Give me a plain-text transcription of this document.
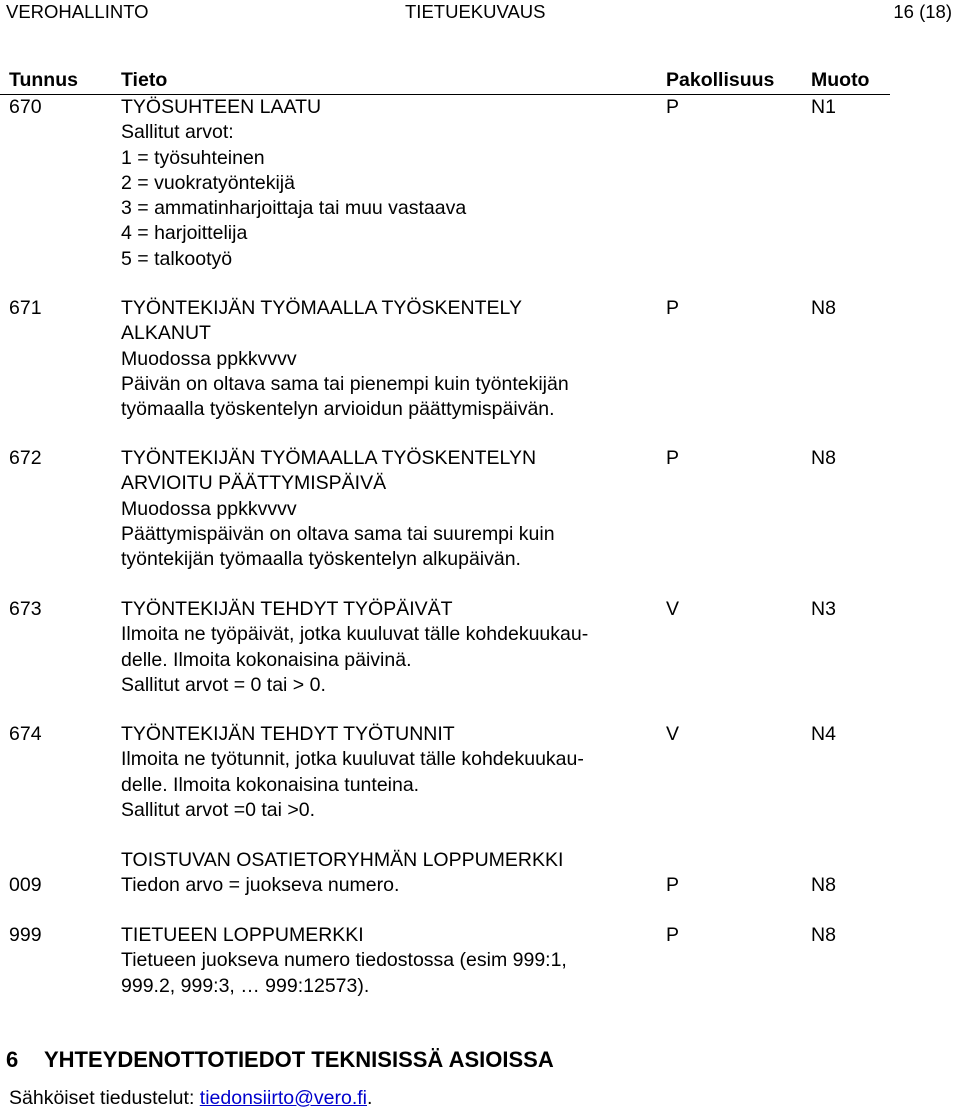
VEROHALLINTO	TIETUEKUVAUS	16 (18)
Tunnus Tieto	Pakollisuus Muoto
670	TYÖSUHTEEN LAATU
Sallitut arvot:
1 = työsuhteinen
2 = vuokratyöntekijä
3 = ammatinharjoittaja tai muu vastaava
4 = harjoittelija
5 = talkootyö
P	N1
671	TYÖNTEKIJÄN TYÖMAALLA TYÖSKENTELY
ALKANUT
Muodossa ppkkvvvv
Päivän on oltava sama tai pienempi kuin työntekijän
työmaalla työskentelyn arvioidun päättymispäivän.
P	N8
672	TYÖNTEKIJÄN TYÖMAALLA TYÖSKENTELYN
ARVIOITU PÄÄTTYMISPÄIVÄ
Muodossa ppkkvvvv
Päättymispäivän on oltava sama tai suurempi kuin
työntekijän työmaalla työskentelyn alkupäivän.
P	N8
673	TYÖNTEKIJÄN TEHDYT TYÖPÄIVÄT
Ilmoita ne työpäivät, jotka kuuluvat tälle kohdekuukau-
delle. Ilmoita kokonaisina päivinä.
Sallitut arvot = 0 tai > 0.
V	N3
674	TYÖNTEKIJÄN TEHDYT TYÖTUNNIT
Ilmoita ne työtunnit, jotka kuuluvat tälle kohdekuukau-
delle. Ilmoita kokonaisina tunteina.
Sallitut arvot =0 tai >0.
V	N4
009
TOISTUVAN OSATIETORYHMÄN LOPPUMERKKI
Tiedon arvo = juokseva numero.	P	N8
999	TIETUEEN LOPPUMERKKI
Tietueen juokseva numero tiedostossa (esim 999:1,
999.2, 999:3, … 999:12573).
P	N8
6 YHTEYDENOTTOTIEDOT TEKNISISSÄ ASIOISSA
Sähköiset tiedustelut: tiedonsiirto@vero.fi.
